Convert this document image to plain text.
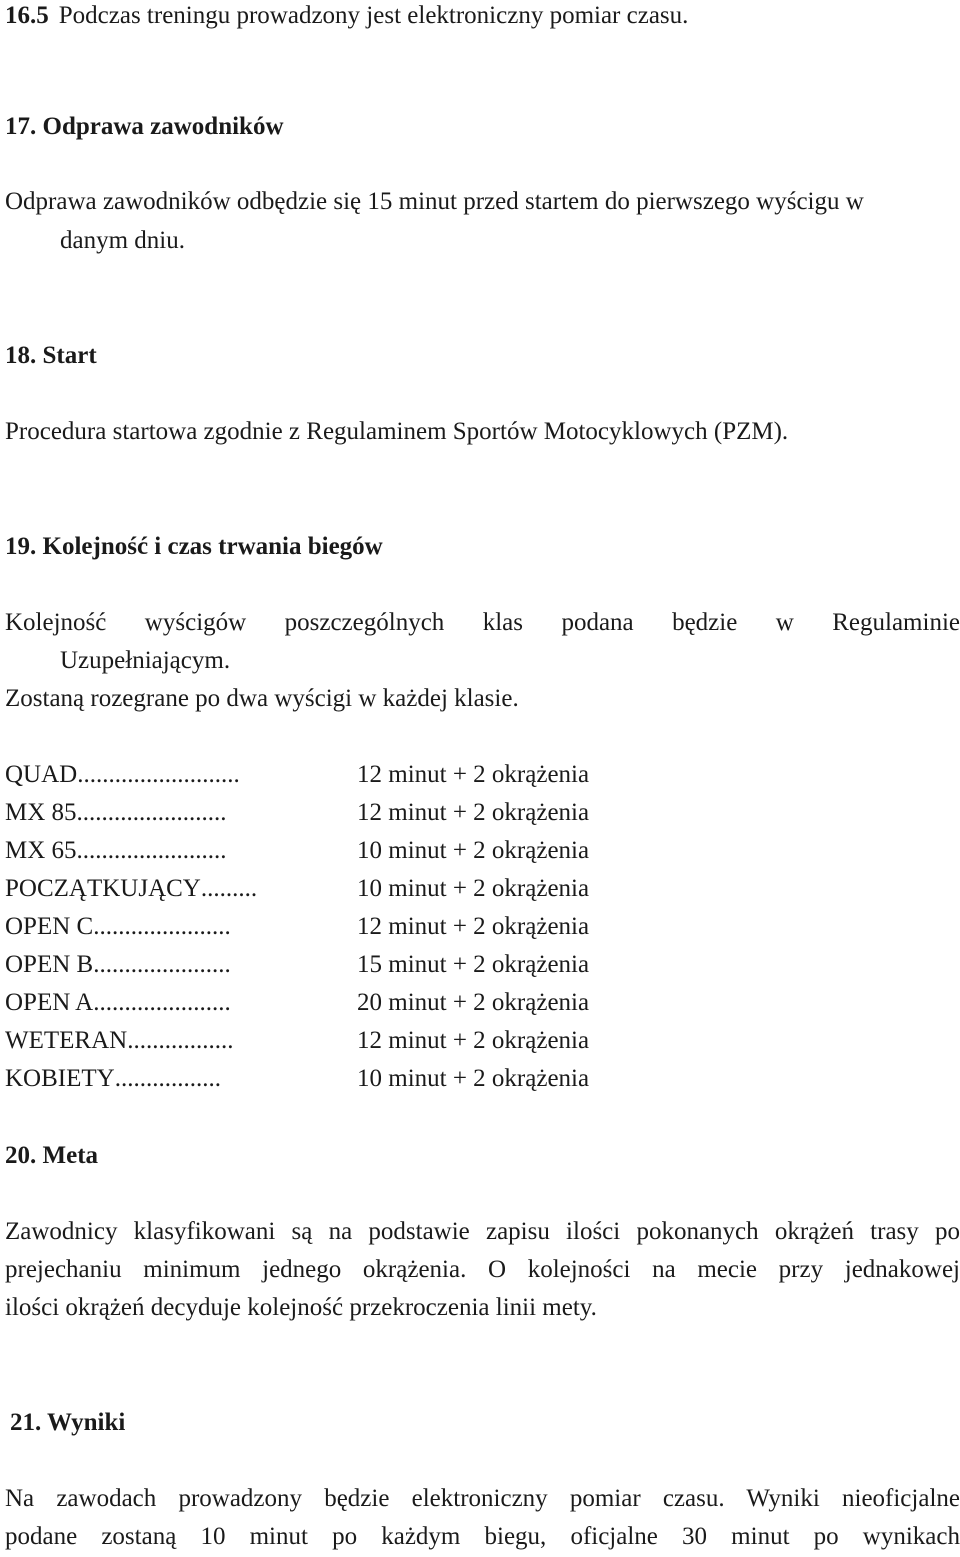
16.5 Podczas treningu prowadzony jest elektroniczny pomiar czasu.

17. Odprawa zawodników

Odprawa zawodników odbędzie się 15 minut przed startem do pierwszego wyścigu w

danym dniu.

18. Start

Procedura startowa zgodnie z Regulaminem Sportów Motocyklowych (PZM).

19. Kolejność i czas trwania biegów

Kolejność wyścigów poszczególnych klas podana będzie w Regulaminie

Uzupełniającym.

Zostaną rozegrane po dwa wyścigi w każdej klasie.

QUAD..........................	12 minut + 2 okrążenia
MX 85........................	12 minut + 2 okrążenia
MX 65........................	10 minut + 2 okrążenia
POCZĄTKUJĄCY.........	10 minut + 2 okrążenia
OPEN C......................	12 minut + 2 okrążenia
OPEN B......................	15 minut + 2 okrążenia
OPEN A......................	20 minut + 2 okrążenia
WETERAN.................	12 minut + 2 okrążenia
KOBIETY.................	10 minut + 2 okrążenia

20. Meta

Zawodnicy klasyfikowani są na podstawie zapisu ilości pokonanych okrążeń trasy po

prejechaniu minimum jednego okrążenia. O kolejności na mecie przy jednakowej

ilości okrążeń decyduje kolejność przekroczenia linii mety.

21. Wyniki

Na zawodach prowadzony będzie elektroniczny pomiar czasu. Wyniki nieoficjalne

podane zostaną 10 minut po każdym biegu, oficjalne 30 minut po wynikach
